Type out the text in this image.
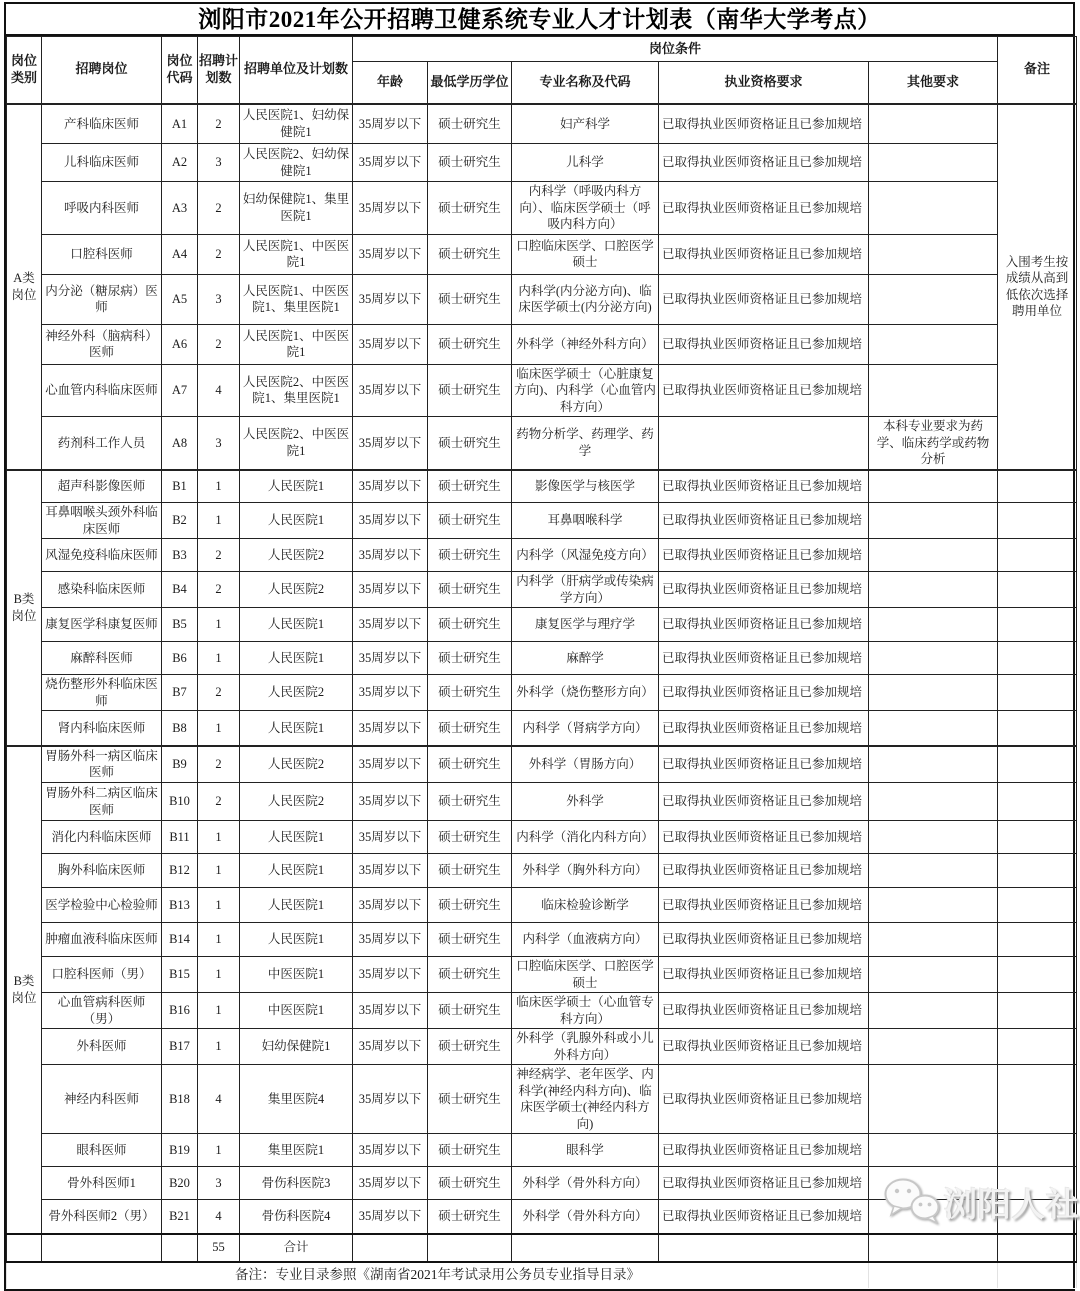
浏阳市2021年公开招聘卫健系统专业人才计划表（南华大学考点）
岗位类别	招聘岗位	岗位代码	招聘计划数	招聘单位及计划数	岗位条件					备注
					年龄	最低学历学位	专业名称及代码	执业资格要求	其他要求	
A类岗位	产科临床医师	A1	2	人民医院1、妇幼保健院1	35周岁以下	硕士研究生	妇产科学	已取得执业医师资格证且已参加规培		入围考生按成绩从高到低依次选择聘用单位
	儿科临床医师	A2	3	人民医院2、妇幼保健院1	35周岁以下	硕士研究生	儿科学	已取得执业医师资格证且已参加规培		
	呼吸内科医师	A3	2	妇幼保健院1、集里医院1	35周岁以下	硕士研究生	内科学（呼吸内科方向）、临床医学硕士（呼吸内科方向）	已取得执业医师资格证且已参加规培		
	口腔科医师	A4	2	人民医院1、中医医院1	35周岁以下	硕士研究生	口腔临床医学、口腔医学硕士	已取得执业医师资格证且已参加规培		
	内分泌（糖尿病）医师	A5	3	人民医院1、中医医院1、集里医院1	35周岁以下	硕士研究生	内科学(内分泌方向)、临床医学硕士(内分泌方向)	已取得执业医师资格证且已参加规培		
	神经外科（脑病科）医师	A6	2	人民医院1、中医医院1	35周岁以下	硕士研究生	外科学（神经外科方向）	已取得执业医师资格证且已参加规培		
	心血管内科临床医师	A7	4	人民医院2、中医医院1、集里医院1	35周岁以下	硕士研究生	临床医学硕士（心脏康复方向)、内科学（心血管内科方向）	已取得执业医师资格证且已参加规培		
	药剂科工作人员	A8	3	人民医院2、中医医院1	35周岁以下	硕士研究生	药物分析学、药理学、药学		本科专业要求为药学、临床药学或药物分析	
B类岗位	超声科影像医师	B1	1	人民医院1	35周岁以下	硕士研究生	影像医学与核医学	已取得执业医师资格证且已参加规培		
	耳鼻咽喉头颈外科临床医师	B2	1	人民医院1	35周岁以下	硕士研究生	耳鼻咽喉科学	已取得执业医师资格证且已参加规培		
	风湿免疫科临床医师	B3	2	人民医院2	35周岁以下	硕士研究生	内科学（风湿免疫方向）	已取得执业医师资格证且已参加规培		
	感染科临床医师	B4	2	人民医院2	35周岁以下	硕士研究生	内科学（肝病学或传染病学方向）	已取得执业医师资格证且已参加规培		
	康复医学科康复医师	B5	1	人民医院1	35周岁以下	硕士研究生	康复医学与理疗学	已取得执业医师资格证且已参加规培		
	麻醉科医师	B6	1	人民医院1	35周岁以下	硕士研究生	麻醉学	已取得执业医师资格证且已参加规培		
	烧伤整形外科临床医师	B7	2	人民医院2	35周岁以下	硕士研究生	外科学（烧伤整形方向）	已取得执业医师资格证且已参加规培		
	肾内科临床医师	B8	1	人民医院1	35周岁以下	硕士研究生	内科学（肾病学方向）	已取得执业医师资格证且已参加规培		
B类岗位	胃肠外科一病区临床医师	B9	2	人民医院2	35周岁以下	硕士研究生	外科学（胃肠方向）	已取得执业医师资格证且已参加规培		
	胃肠外科二病区临床医师	B10	2	人民医院2	35周岁以下	硕士研究生	外科学	已取得执业医师资格证且已参加规培		
	消化内科临床医师	B11	1	人民医院1	35周岁以下	硕士研究生	内科学（消化内科方向）	已取得执业医师资格证且已参加规培		
	胸外科临床医师	B12	1	人民医院1	35周岁以下	硕士研究生	外科学（胸外科方向）	已取得执业医师资格证且已参加规培		
	医学检验中心检验师	B13	1	人民医院1	35周岁以下	硕士研究生	临床检验诊断学	已取得执业医师资格证且已参加规培		
	肿瘤血液科临床医师	B14	1	人民医院1	35周岁以下	硕士研究生	内科学（血液病方向）	已取得执业医师资格证且已参加规培		
	口腔科医师（男）	B15	1	中医医院1	35周岁以下	硕士研究生	口腔临床医学、口腔医学硕士	已取得执业医师资格证且已参加规培		
	心血管病科医师（男）	B16	1	中医医院1	35周岁以下	硕士研究生	临床医学硕士（心血管专科方向）	已取得执业医师资格证且已参加规培		
	外科医师	B17	1	妇幼保健院1	35周岁以下	硕士研究生	外科学（乳腺外科或小儿外科方向）	已取得执业医师资格证且已参加规培		
	神经内科医师	B18	4	集里医院4	35周岁以下	硕士研究生	神经病学、老年医学、内科学(神经内科方向)、临床医学硕士(神经内科方向)	已取得执业医师资格证且已参加规培		
	眼科医师	B19	1	集里医院1	35周岁以下	硕士研究生	眼科学	已取得执业医师资格证且已参加规培		
	骨外科医师1	B20	3	骨伤科医院3	35周岁以下	硕士研究生	外科学（骨外科方向）	已取得执业医师资格证且已参加规培		
	骨外科医师2（男）	B21	4	骨伤科医院4	35周岁以下	硕士研究生	外科学（骨外科方向）	已取得执业医师资格证且已参加规培		
			55	合计						
备注：专业目录参照《湖南省2021年考试录用公务员专业指导目录》										
浏阳人社
